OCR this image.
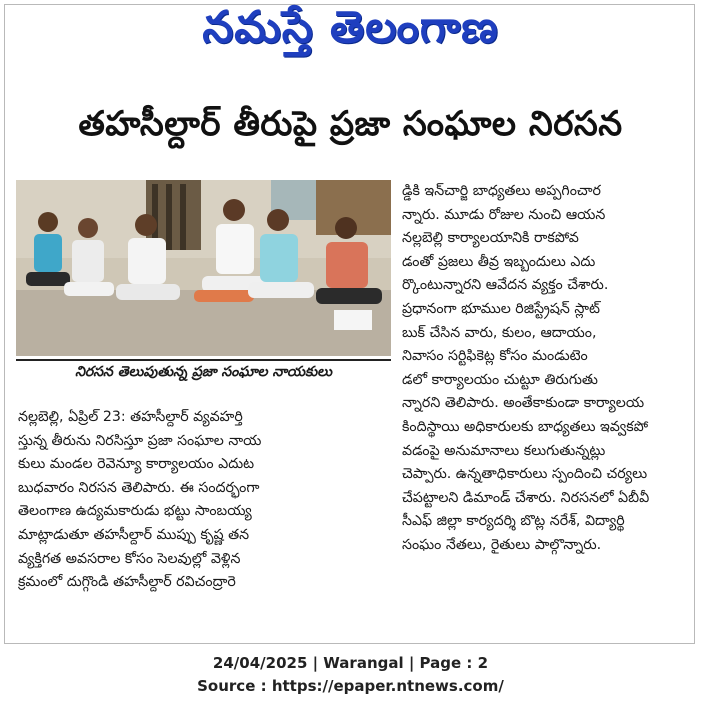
నమస్తే తెలంగాణ
తహసీల్దార్ తీరుపై ప్రజా సంఘాల నిరసన
నిరసన తెలుపుతున్న ప్రజా సంఘాల నాయకులు
నల్లబెల్లి, ఏప్రిల్ 23: తహసీల్దార్ వ్యవహర్తి
స్తున్న తీరును నిరసిస్తూ ప్రజా సంఘాల నాయ
కులు మండల రెవెన్యూ కార్యాలయం ఎదుట
బుధవారం నిరసన తెలిపారు. ఈ సందర్భంగా
తెలంగాణ ఉద్యమకారుడు భట్టు సాంబయ్య
మాట్లాడుతూ తహసీల్దార్ ముప్పు కృష్ణ తన
వ్యక్తిగత అవసరాల కోసం సెలవుల్లో వెళ్లిన
క్రమంలో దుగ్గొండి తహసీల్దార్ రవిచంద్రారె
డ్డికి ఇన్‌చార్జి బాధ్యతలు అప్పగించార
న్నారు. మూడు రోజుల నుంచి ఆయన
నల్లబెల్లి కార్యాలయానికి రాకపోవ
డంతో ప్రజలు తీవ్ర ఇబ్బందులు ఎదు
ర్కొంటున్నారని ఆవేదన వ్యక్తం చేశారు.
ప్రధానంగా భూముల రిజిస్ట్రేషన్ స్లాట్
బుక్ చేసిన వారు, కులం, ఆదాయం,
నివాసం సర్టిఫికెట్ల కోసం మండుటెం
డలో కార్యాలయం చుట్టూ తిరుగుతు
న్నారని తెలిపారు. అంతేకాకుండా కార్యాలయ
కిందిస్థాయి అధికారులకు బాధ్యతలు ఇవ్వకపో
వడంపై అనుమానాలు కలుగుతున్నట్లు
చెప్పారు. ఉన్నతాధికారులు స్పందించి చర్యలు
చేపట్టాలని డిమాండ్ చేశారు. నిరసనలో ఏబీవీ
సీఎఫ్ జిల్లా కార్యదర్శి బొట్ల నరేశ్, విద్యార్థి
సంఘం నేతలు, రైతులు పాల్గొన్నారు.
24/04/2025 | Warangal | Page : 2
Source : https://epaper.ntnews.com/
